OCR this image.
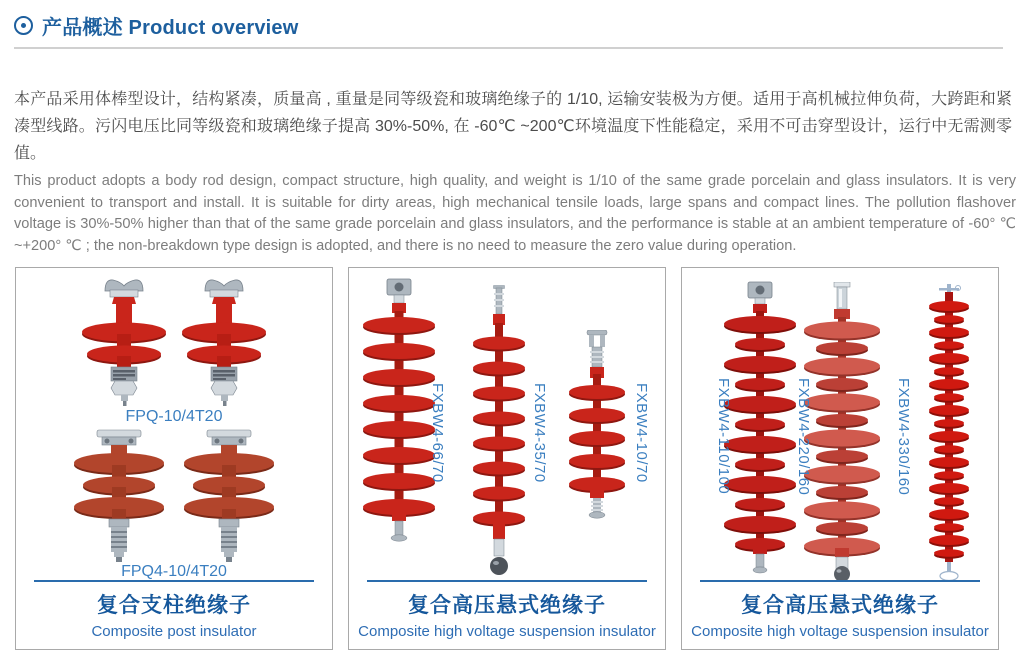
产品概述 Product overview

本产品采用体棒型设计，结构紧凑，质量高 , 重量是同等级瓷和玻璃绝缘子的 1/10, 运输安装极为方便。适用于高机械拉伸负荷，大跨距和紧凑型线路。污闪电压比同等级瓷和玻璃绝缘子提高 30%-50%, 在 -60℃ ~200℃环境温度下性能稳定，采用不可击穿型设计，运行中无需测零值。

This product adopts a body rod design, compact structure, high quality, and weight is 1/10 of the same grade porcelain and glass insulators. It is very convenient to transport and install. It is suitable for dirty areas, high mechanical tensile loads, large spans and compact lines. The pollution flashover voltage is 30%-50% higher than that of the same grade porcelain and glass insulators, and the performance is stable at an ambient temperature of -60° ℃ ~+200° ℃ ; the non-breakdown type design is adopted, and there is no need to measure the zero value during operation.

FPQ-10/4T20
FPQ4-10/4T20
复合支柱绝缘子
Composite post insulator
FXBW4-66/70	FXBW4-35/70	FXBW4-10/70
复合高压悬式绝缘子
Composite high voltage suspension insulator
FXBW4-110/100	FXBW4-220/160	FXBW4-330/160
复合高压悬式绝缘子
Composite high voltage suspension insulator
